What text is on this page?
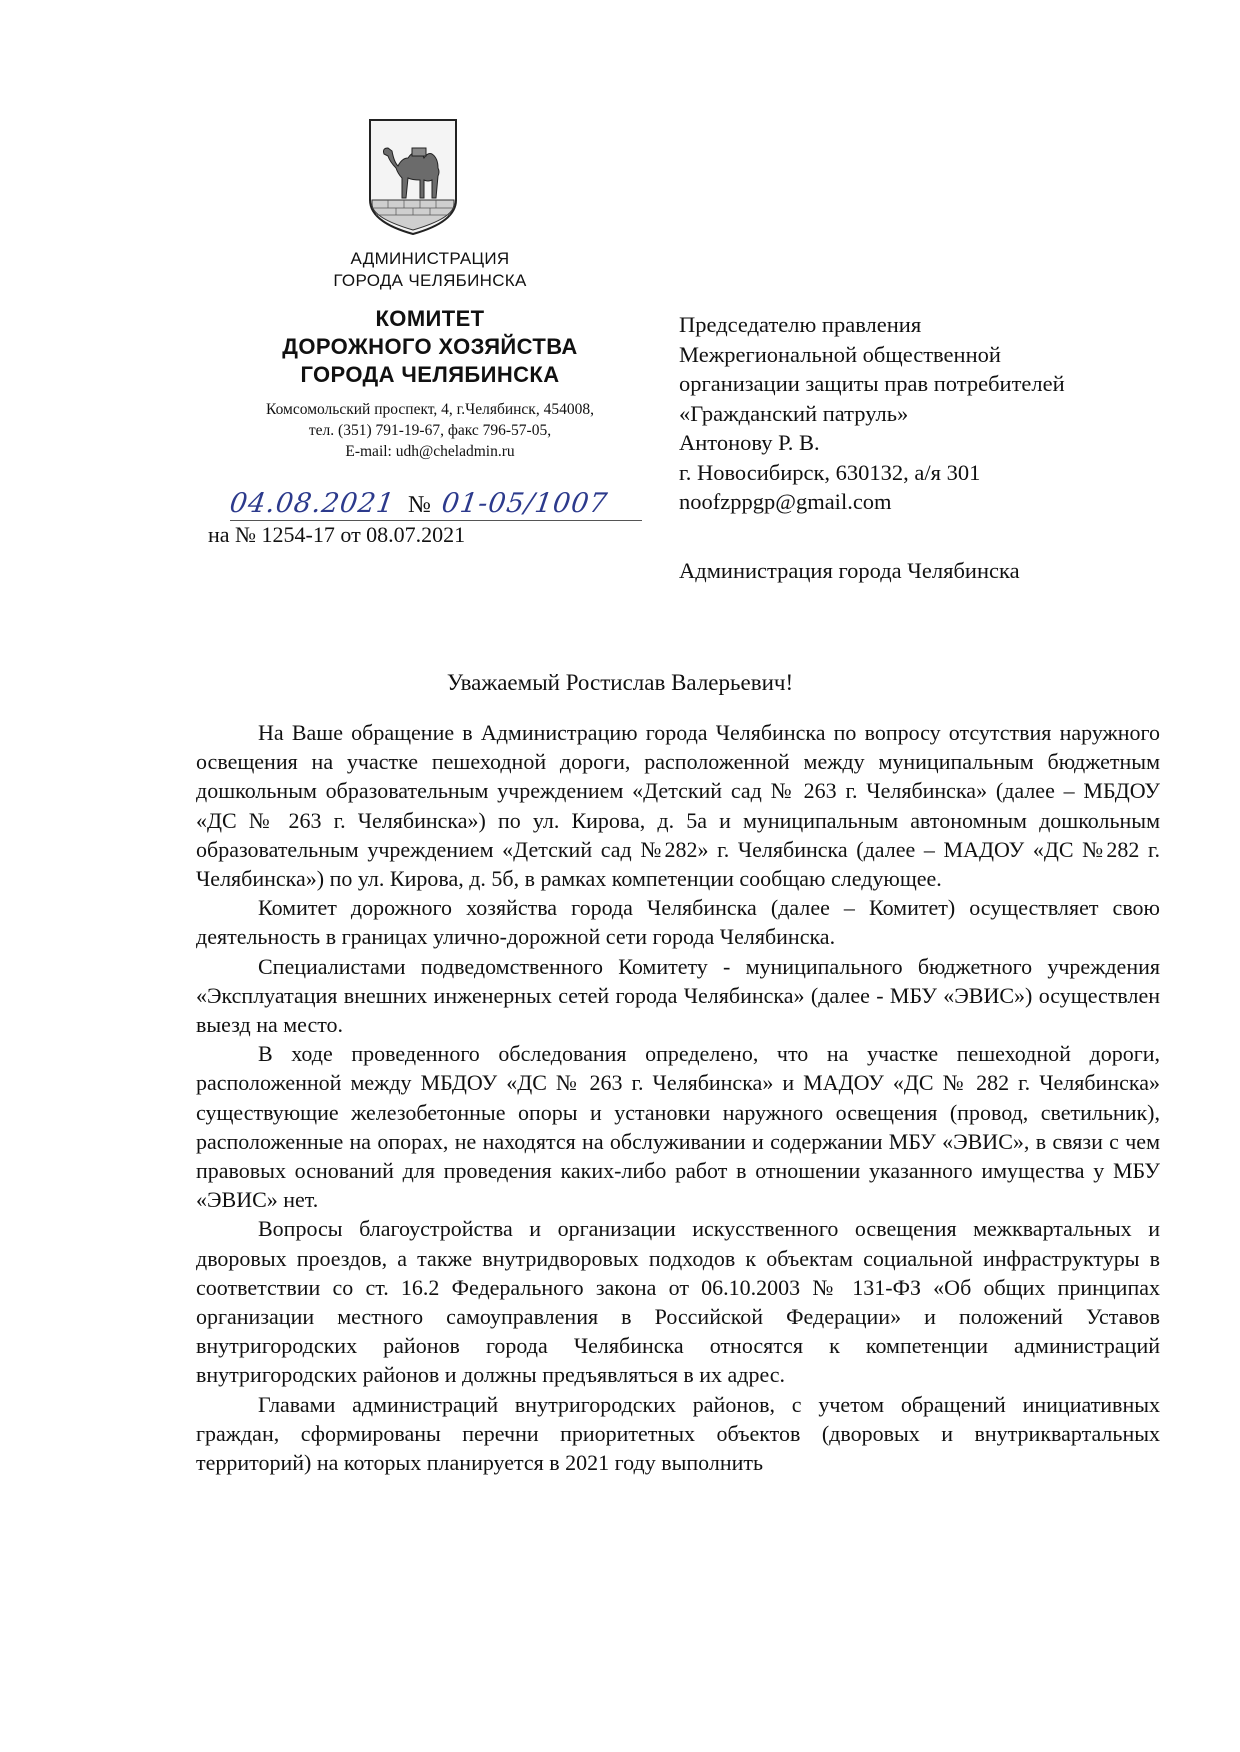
АДМИНИСТРАЦИЯ
ГОРОДА ЧЕЛЯБИНСКА
КОМИТЕТ
ДОРОЖНОГО ХОЗЯЙСТВА
ГОРОДА ЧЕЛЯБИНСКА
Комсомольский проспект, 4, г.Челябинск, 454008,
тел. (351) 791-19-67, факс 796-57-05,
E-mail: udh@cheladmin.ru
04.08.2021 № 01-05/1007
на № 1254-17 от 08.07.2021
Председателю правления
Межрегиональной общественной
организации защиты прав потребителей
«Гражданский патруль»
Антонову Р. В.
г. Новосибирск, 630132, а/я 301
noofzppgp@gmail.com
Администрация города Челябинска
Уважаемый Ростислав Валерьевич!

На Ваше обращение в Администрацию города Челябинска по вопросу отсутствия наружного освещения на участке пешеходной дороги, расположенной между муниципальным бюджетным дошкольным образовательным учреждением «Детский сад № 263 г. Челябинска» (далее – МБДОУ «ДС № 263 г. Челябинска») по ул. Кирова, д. 5а и муниципальным автономным дошкольным образовательным учреждением «Детский сад №282» г. Челябинска (далее – МАДОУ «ДС №282 г. Челябинска») по ул. Кирова, д. 5б, в рамках компетенции сообщаю следующее.

Комитет дорожного хозяйства города Челябинска (далее – Комитет) осуществляет свою деятельность в границах улично-дорожной сети города Челябинска.

Специалистами подведомственного Комитету - муниципального бюджетного учреждения «Эксплуатация внешних инженерных сетей города Челябинска» (далее - МБУ «ЭВИС») осуществлен выезд на место.

В ходе проведенного обследования определено, что на участке пешеходной дороги, расположенной между МБДОУ «ДС № 263 г. Челябинска» и МАДОУ «ДС № 282 г. Челябинска» существующие железобетонные опоры и установки наружного освещения (провод, светильник), расположенные на опорах, не находятся на обслуживании и содержании МБУ «ЭВИС», в связи с чем правовых оснований для проведения каких-либо работ в отношении указанного имущества у МБУ «ЭВИС» нет.

Вопросы благоустройства и организации искусственного освещения межквартальных и дворовых проездов, а также внутридворовых подходов к объектам социальной инфраструктуры в соответствии со ст. 16.2 Федерального закона от 06.10.2003 № 131-ФЗ «Об общих принципах организации местного самоуправления в Российской Федерации» и положений Уставов внутригородских районов города Челябинска относятся к компетенции администраций внутригородских районов и должны предъявляться в их адрес.

Главами администраций внутригородских районов, с учетом обращений инициативных граждан, сформированы перечни приоритетных объектов (дворовых и внутриквартальных территорий) на которых планируется в 2021 году выполнить
